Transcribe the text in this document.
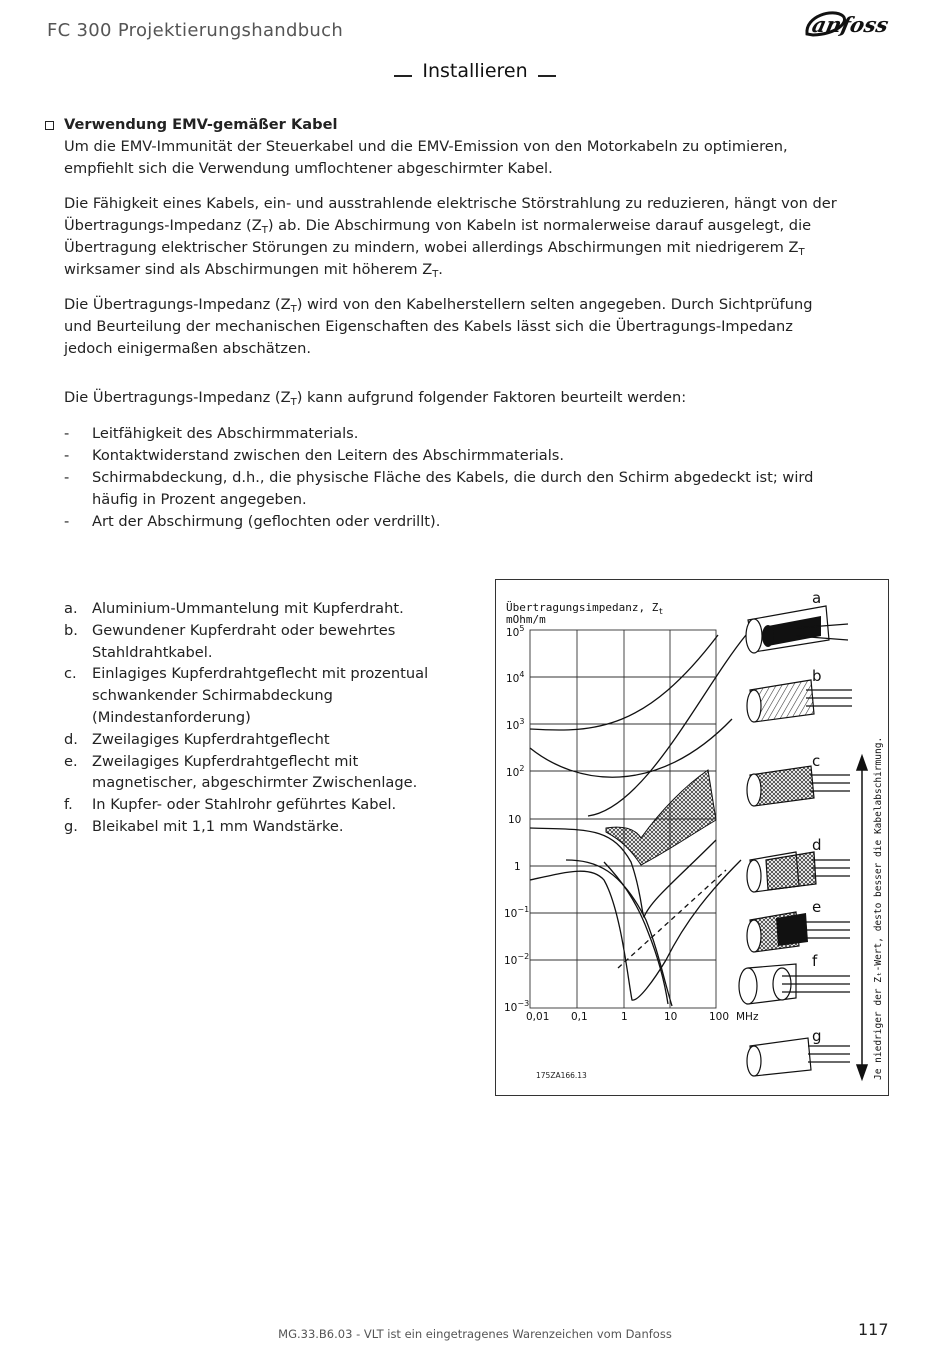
FC 300 Projektierungshandbuch	anfoss
Installieren
Verwendung EMV-gemäßer Kabel

Um die EMV-Immunität der Steuerkabel und die EMV-Emission von den Motorkabeln zu optimieren, empfiehlt sich die Verwendung umflochtener abgeschirmter Kabel.

Die Fähigkeit eines Kabels, ein- und ausstrahlende elektrische Störstrahlung zu reduzieren, hängt von der Übertragungs-Impedanz $(Z_T)$ ab. Die Abschirmung von Kabeln ist normalerweise darauf ausgelegt, die Übertragung elektrischer Störungen zu mindern, wobei allerdings Abschirmungen mit niedrigerem $Z_T$ wirksamer sind als Abschirmungen mit höherem $Z_T$.

Die Übertragungs-Impedanz $(Z_T)$ wird von den Kabelherstellern selten angegeben. Durch Sichtprüfung und Beurteilung der mechanischen Eigenschaften des Kabels lässt sich die Übertragungs-Impedanz jedoch einigermaßen abschätzen.

Die Übertragungs-Impedanz $(Z_T)$ kann aufgrund folgender Faktoren beurteilt werden:

- Leitfähigkeit des Abschirmmaterials.
- Kontaktwiderstand zwischen den Leitern des Abschirmmaterials.
- Schirmabdeckung, d.h., die physische Fläche des Kabels, die durch den Schirm abgedeckt ist; wird häufig in Prozent angegeben.
- Art der Abschirmung (geflochten oder verdrillt).
a. Aluminium-Ummantelung mit Kupferdraht.
b. Gewundener Kupferdraht oder bewehrtes Stahldrahtkabel.
c. Einlagiges Kupferdrahtgeflecht mit prozentual schwankender Schirmabdeckung (Mindestanforderung)
d. Zweilagiges Kupferdrahtgeflecht
e. Zweilagiges Kupferdrahtgeflecht mit magnetischer, abgeschirmter Zwischenlage.
f. In Kupfer- oder Stahlrohr geführtes Kabel.
g. Bleikabel mit 1,1 mm Wandstärke.
Übertragungsimpedanz, $Z_t$
mOhm/m
$10^5$
$10^4$
$10^3$
$10^2$
10
1
$10^{-1}$
$10^{-2}$
$10^{-3}$
0,01 0,1	1	10	100 MHz
175ZA166.13
a
b
c
d
e
f
g	Je niedriger der Zₜ-Wert, desto besser die Kabelabschirmung.
MG.33.B6.03 - VLT ist ein eingetragenes Warenzeichen vom Danfoss	117
